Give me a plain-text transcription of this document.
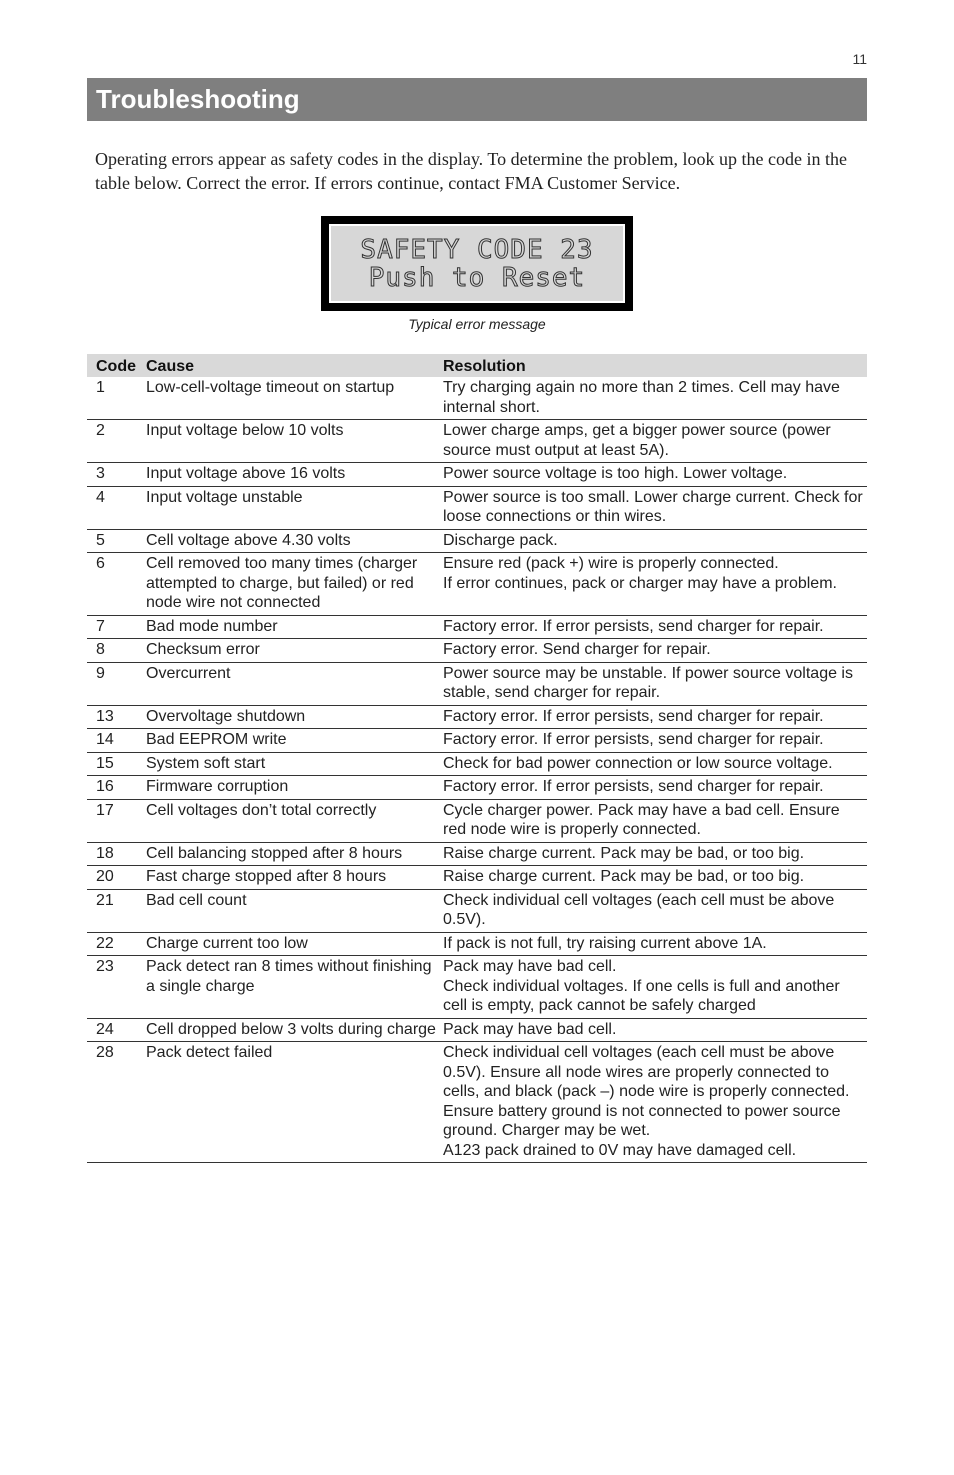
11
Troubleshooting

Operating errors appear as safety codes in the display. To determine the problem, look up the code in the table below. Correct the error. If errors continue, contact FMA Customer Service.

SAFETY CODE 23
Push to Reset
Typical error message
Code	Cause	Resolution
1	Low-cell-voltage timeout on startup	Try charging again no more than 2 times. Cell may have internal short.
2	Input voltage below 10 volts	Lower charge amps, get a bigger power source (power source must output at least 5A).
3	Input voltage above 16 volts	Power source voltage is too high. Lower voltage.
4	Input voltage unstable	Power source is too small. Lower charge current. Check for loose connections or thin wires.
5	Cell voltage above 4.30 volts	Discharge pack.
6	Cell removed too many times (charger attempted to charge, but failed) or red node wire not connected	Ensure red (pack +) wire is properly connected.
If error continues, pack or charger may have a problem.
7	Bad mode number	Factory error. If error persists, send charger for repair.
8	Checksum error	Factory error. Send charger for repair.
9	Overcurrent	Power source may be unstable. If power source voltage is stable, send charger for repair.
13	Overvoltage shutdown	Factory error. If error persists, send charger for repair.
14	Bad EEPROM write	Factory error. If error persists, send charger for repair.
15	System soft start	Check for bad power connection or low source voltage.
16	Firmware corruption	Factory error. If error persists, send charger for repair.
17	Cell voltages don’t total correctly	Cycle charger power. Pack may have a bad cell. Ensure red node wire is properly connected.
18	Cell balancing stopped after 8 hours	Raise charge current. Pack may be bad, or too big.
20	Fast charge stopped after 8 hours	Raise charge current. Pack may be bad, or too big.
21	Bad cell count	Check individual cell voltages (each cell must be above 0.5V).
22	Charge current too low	If pack is not full, try raising current above 1A.
23	Pack detect ran 8 times without finishing a single charge	Pack may have bad cell.
Check individual voltages. If one cells is full and another cell is empty, pack cannot be safely charged
24	Cell dropped below 3 volts during charge	Pack may have bad cell.
28	Pack detect failed	Check individual cell voltages (each cell must be above 0.5V). Ensure all node wires are properly connected to cells, and black (pack –) node wire is properly connected. Ensure battery ground is not connected to power source ground. Charger may be wet.
A123 pack drained to 0V may have damaged cell.
